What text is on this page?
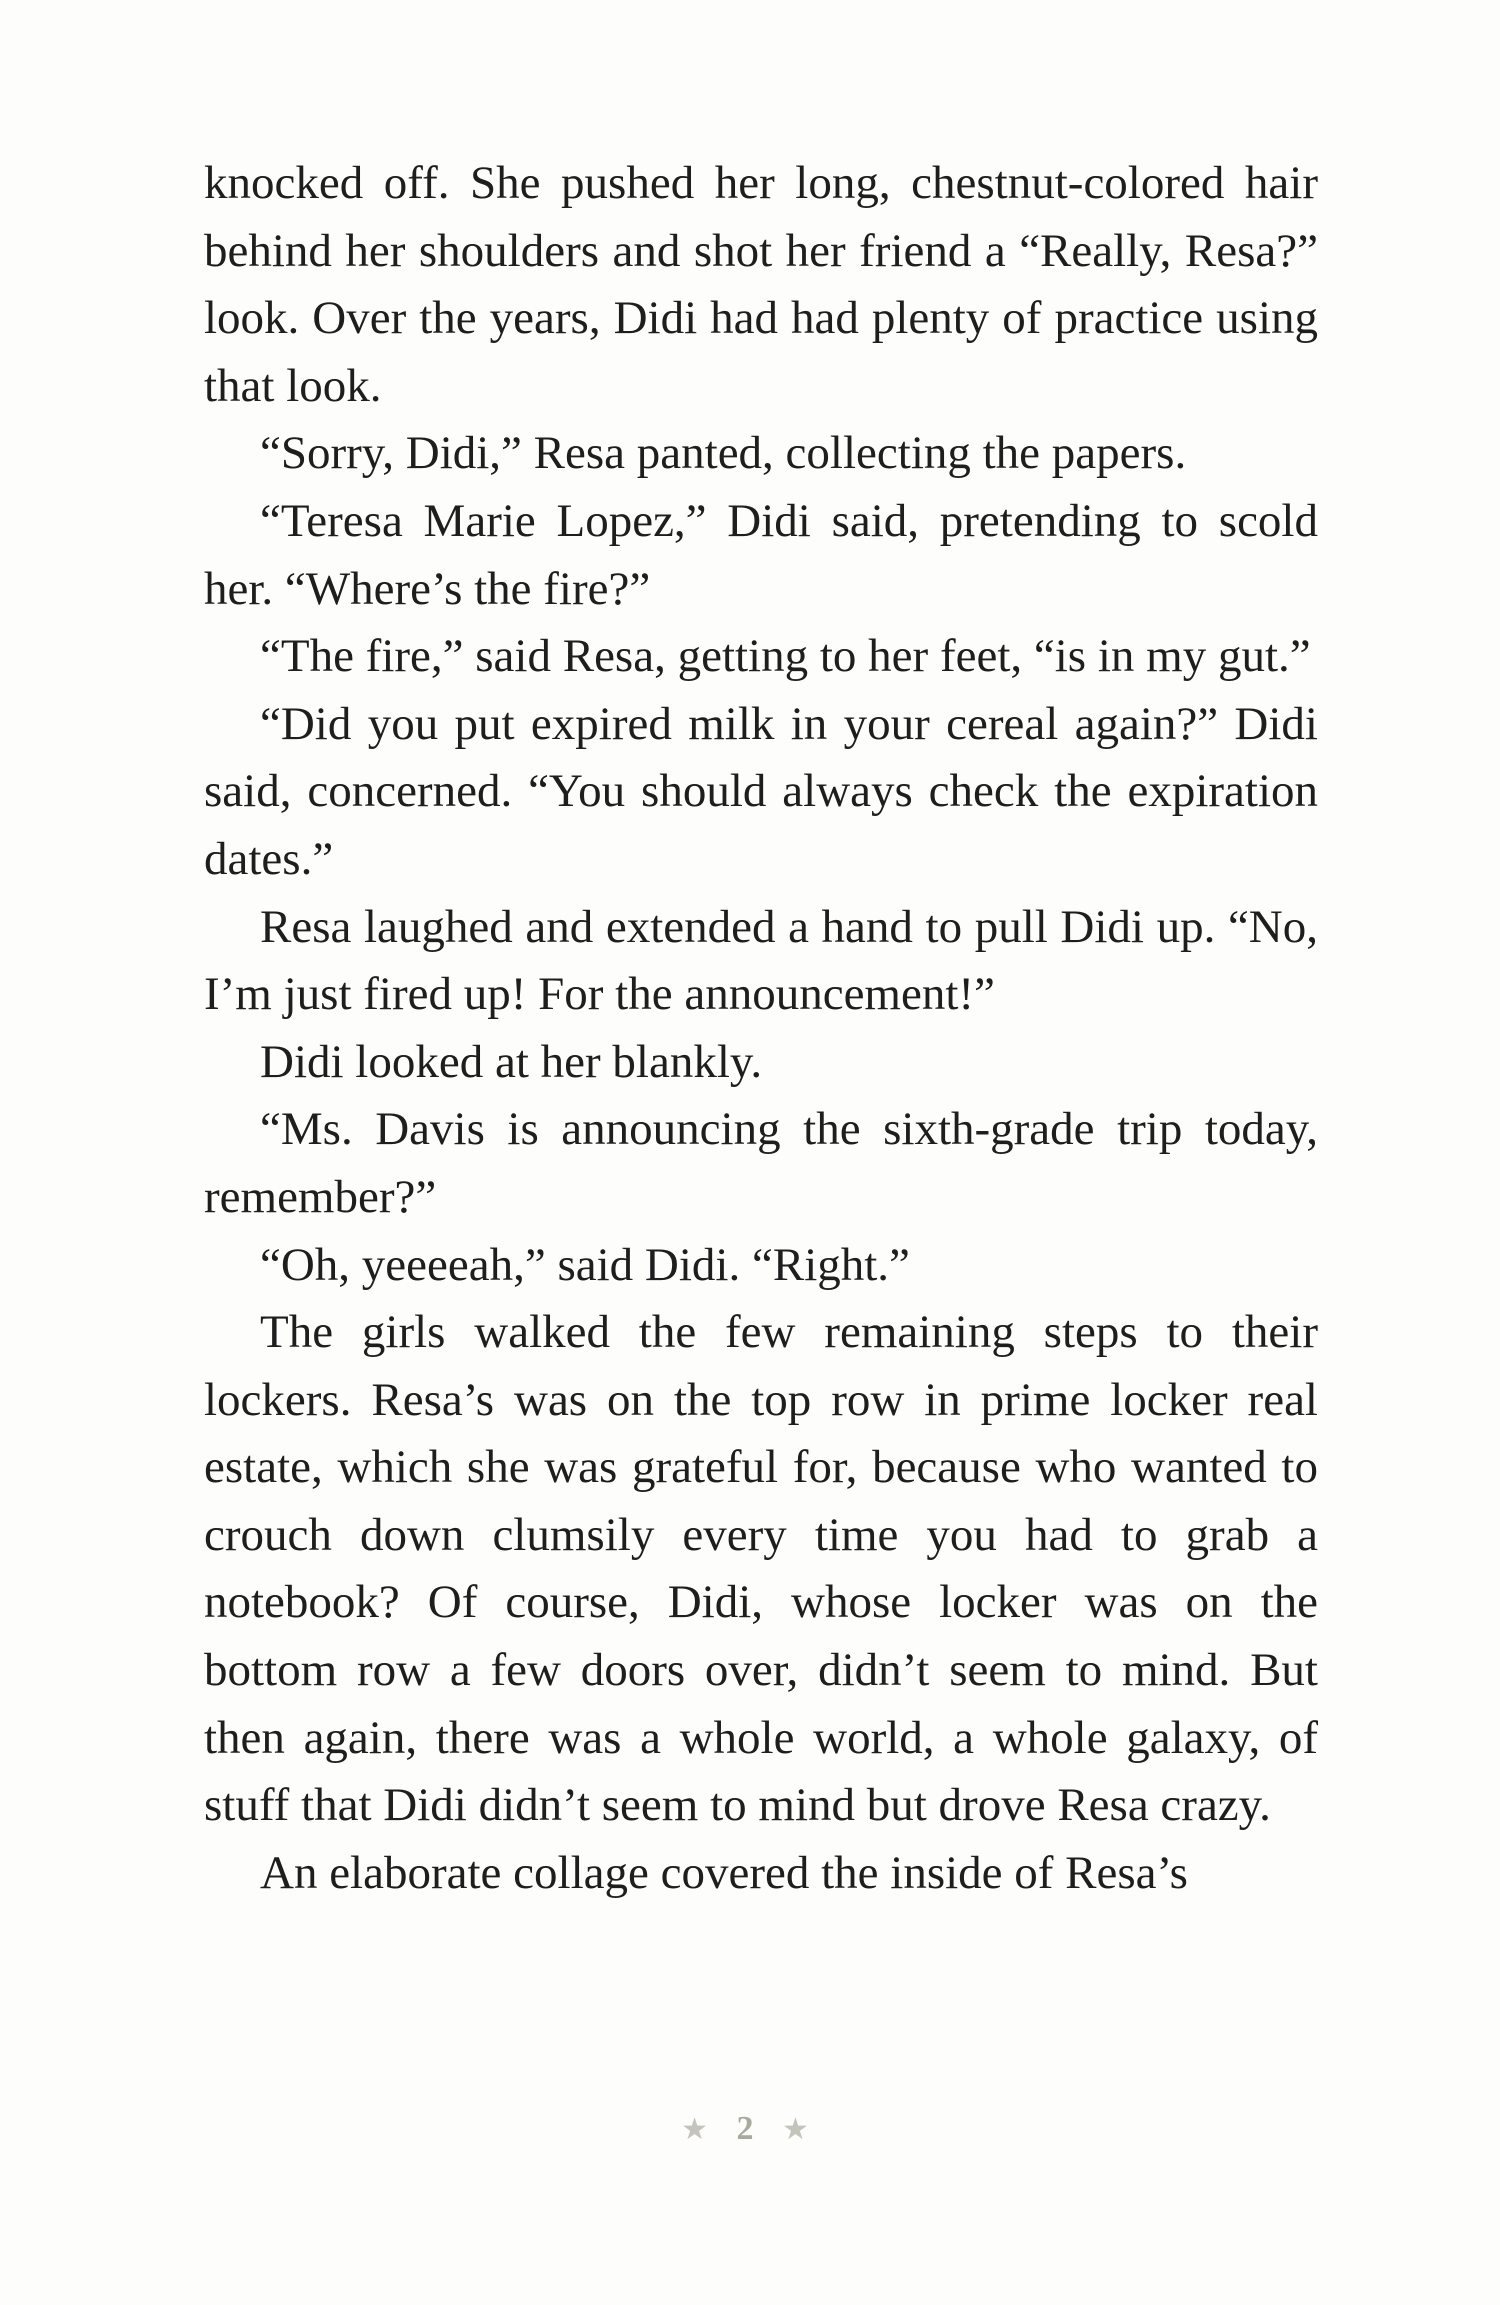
knocked off. She pushed her long, chestnut-colored hair behind her shoulders and shot her friend a “Really, Resa?” look. Over the years, Didi had had plenty of practice using that look.

“Sorry, Didi,” Resa panted, collecting the papers.

“Teresa Marie Lopez,” Didi said, pretending to scold her. “Where’s the fire?”

“The fire,” said Resa, getting to her feet, “is in my gut.”

“Did you put expired milk in your cereal again?” Didi said, concerned. “You should always check the expiration dates.”

Resa laughed and extended a hand to pull Didi up. “No, I’m just fired up! For the announcement!”

Didi looked at her blankly.

“Ms. Davis is announcing the sixth-grade trip today, remember?”

“Oh, yeeeeah,” said Didi. “Right.”

The girls walked the few remaining steps to their lockers. Resa’s was on the top row in prime locker real estate, which she was grateful for, because who wanted to crouch down clumsily every time you had to grab a notebook? Of course, Didi, whose locker was on the bottom row a few doors over, didn’t seem to mind. But then again, there was a whole world, a whole galaxy, of stuff that Didi didn’t seem to mind but drove Resa crazy.

An elaborate collage covered the inside of Resa’s

★ 2 ★
